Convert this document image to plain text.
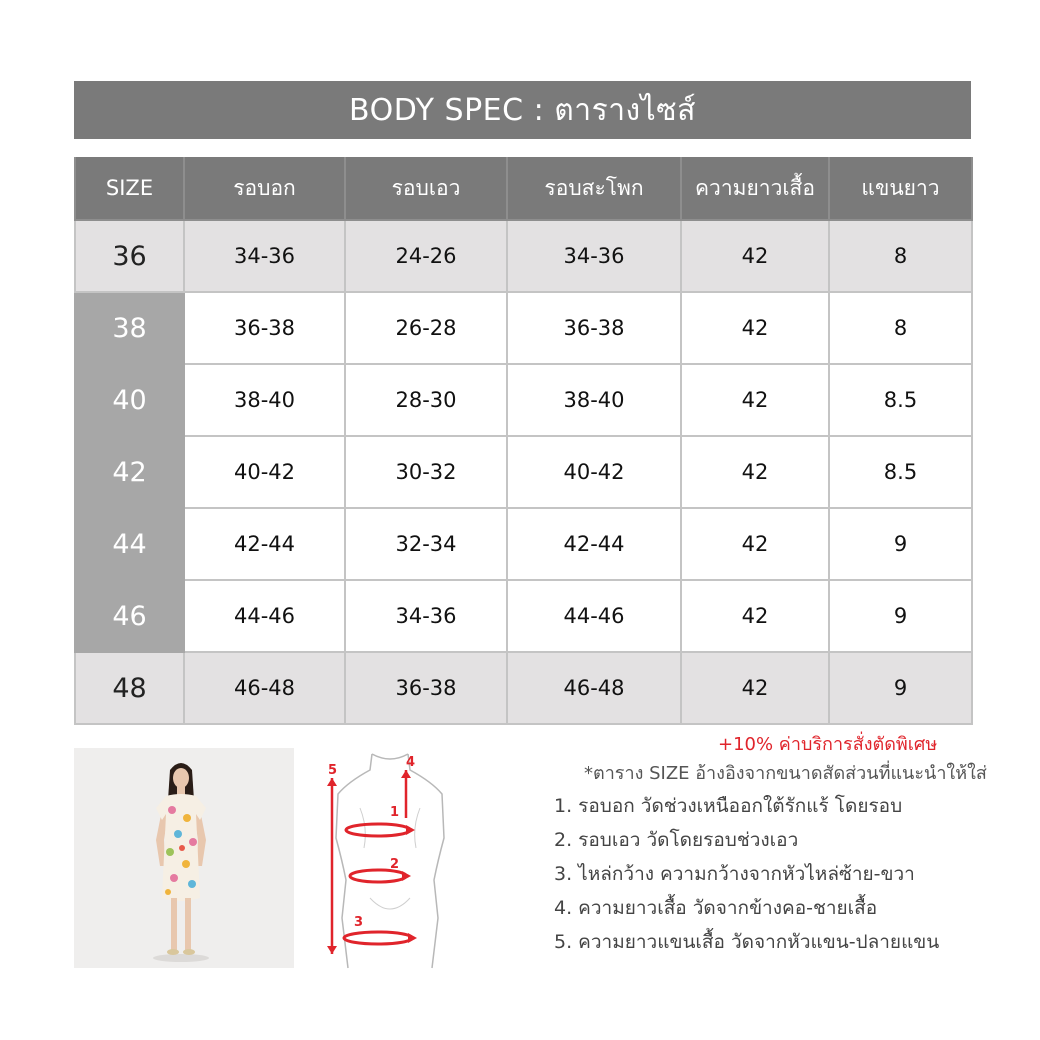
BODY SPEC : ตารางไซส์
SIZE	รอบอก	รอบเอว	รอบสะโพก	ความยาวเสื้อ	แขนยาว
36	34-36	24-26	34-36	42	8
38	36-38	26-28	36-38	42	8
40	38-40	28-30	38-40	42	8.5
42	40-42	30-32	40-42	42	8.5
44	42-44	32-34	42-44	42	9
46	44-46	34-36	44-46	42	9
48	46-48	36-38	46-48	42	9
+10% ค่าบริการสั่งตัดพิเศษ
*ตาราง SIZE อ้างอิงจากขนาดสัดส่วนที่แนะนำให้ใส่
1. รอบอก วัดช่วงเหนืออกใต้รักแร้ โดยรอบ
2. รอบเอว วัดโดยรอบช่วงเอว
3. ไหล่กว้าง ความกว้างจากหัวไหล่ซ้าย-ขวา
4. ความยาวเสื้อ วัดจากข้างคอ-ชายเสื้อ
5. ความยาวแขนเสื้อ วัดจากหัวแขน-ปลายแขน
1
2
3
4
5
